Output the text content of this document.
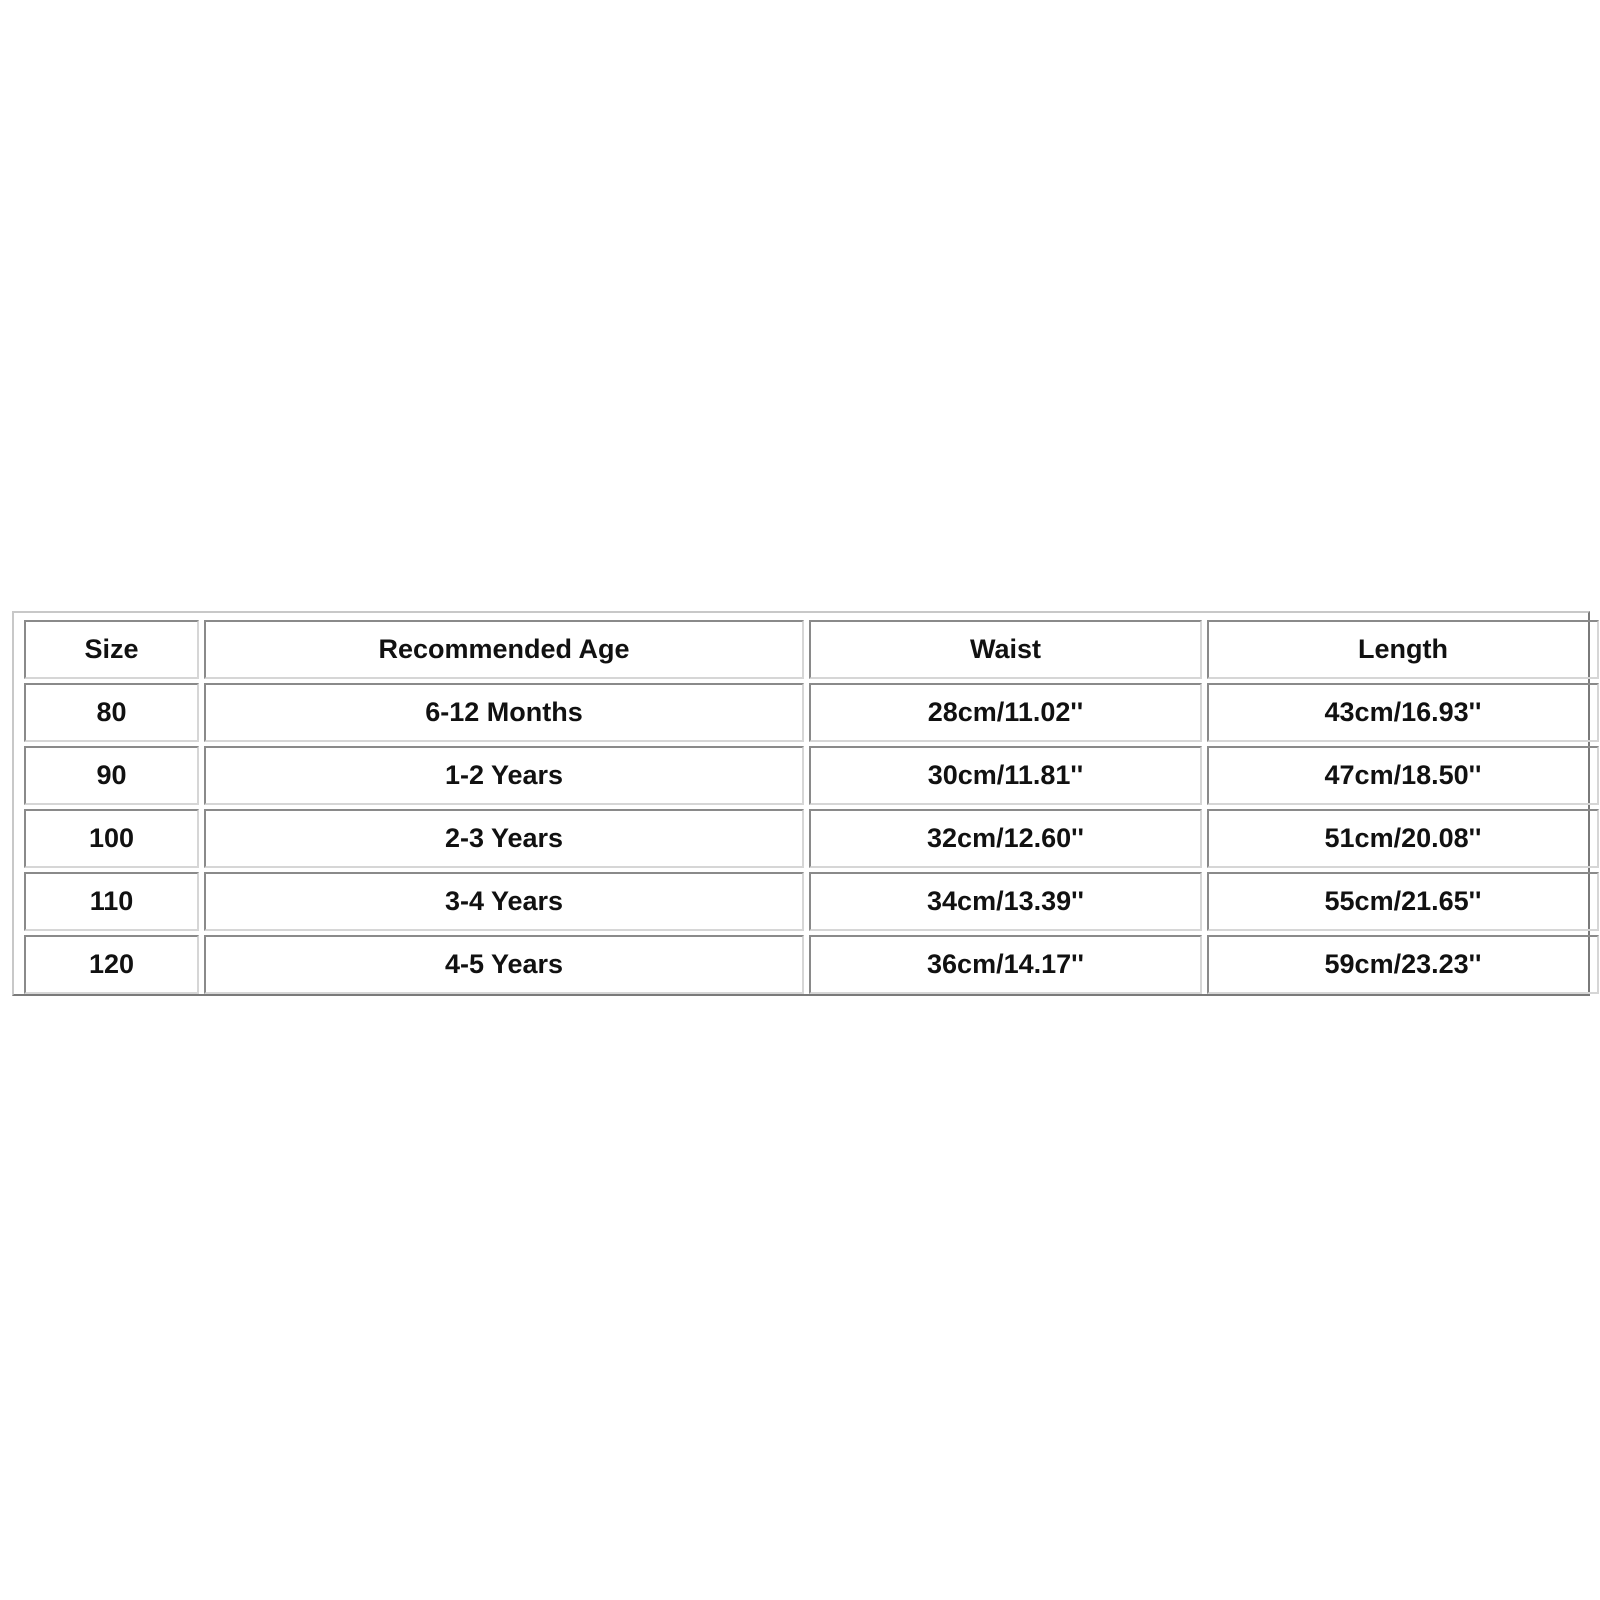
Size	Recommended Age	Waist	Length
80	6-12 Months	28cm/11.02''	43cm/16.93''
90	1-2 Years	30cm/11.81''	47cm/18.50''
100	2-3 Years	32cm/12.60''	51cm/20.08''
110	3-4 Years	34cm/13.39''	55cm/21.65''
120	4-5 Years	36cm/14.17''	59cm/23.23''
